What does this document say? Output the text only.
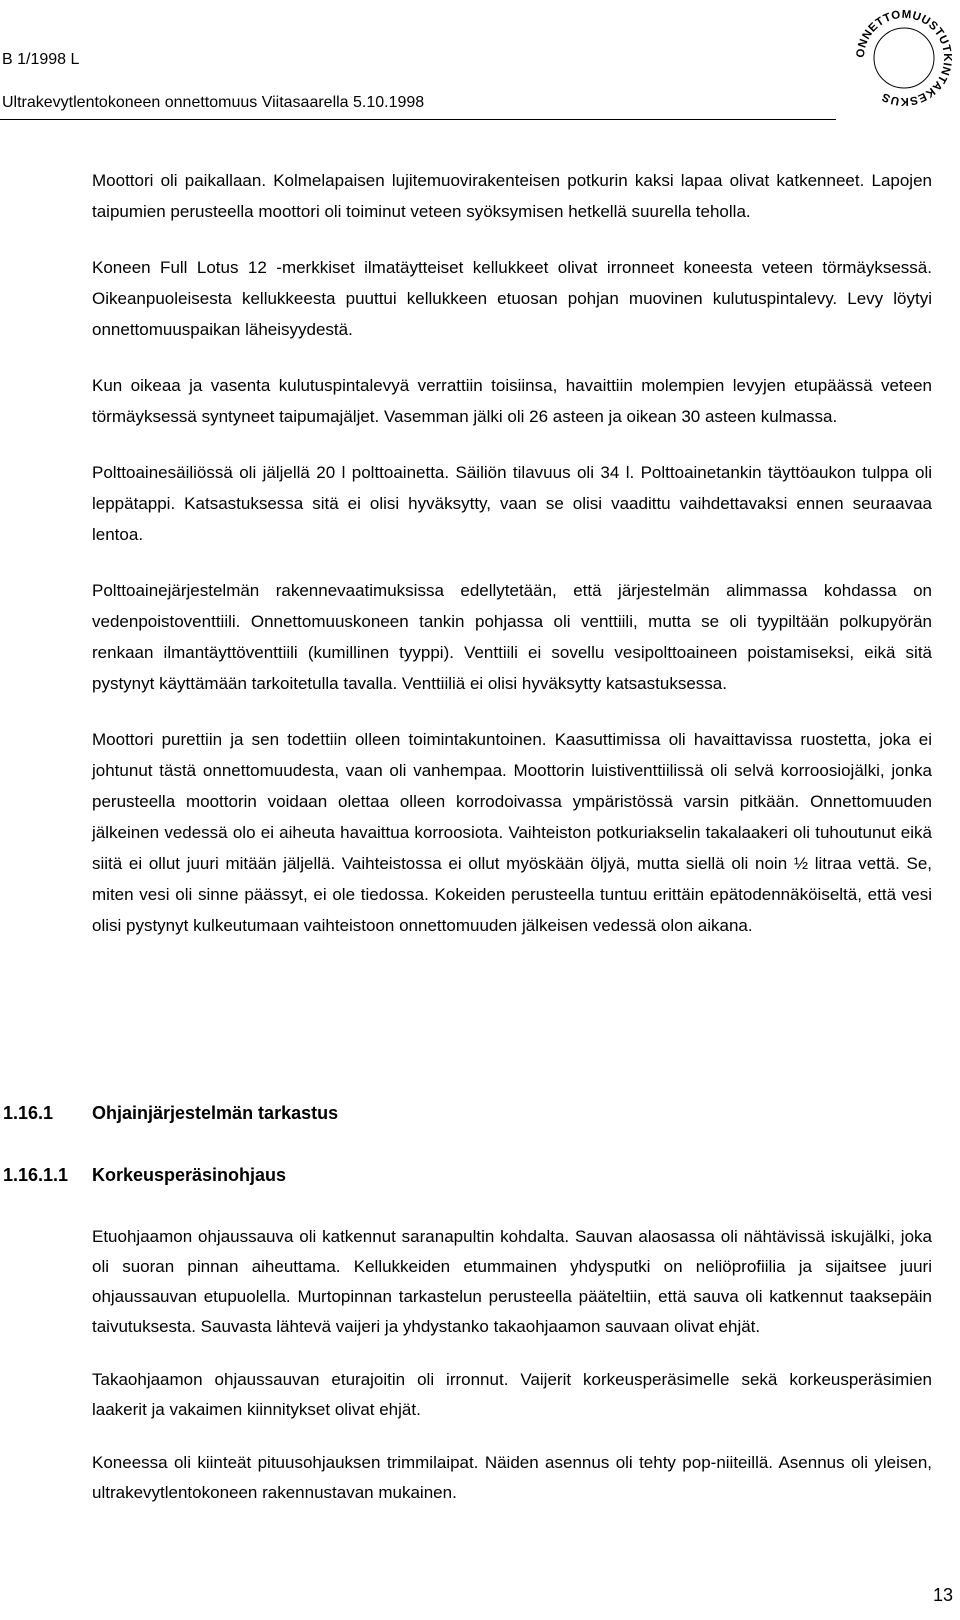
B 1/1998 L
Ultrakevytlentokoneen onnettomuus Viitasaarella 5.10.1998
ONNETTOMUUSTUTKINTAKESKUS

Moottori oli paikallaan. Kolmelapaisen lujitemuovirakenteisen potkurin kaksi lapaa olivat katkenneet. Lapojen taipumien perusteella moottori oli toiminut veteen syöksymisen hetkellä suurella teholla.

Koneen Full Lotus 12 -merkkiset ilmatäytteiset kellukkeet olivat irronneet koneesta veteen törmäyksessä. Oikeanpuoleisesta kellukkeesta puuttui kellukkeen etuosan pohjan muovinen kulutuspintalevy. Levy löytyi onnettomuuspaikan läheisyydestä.

Kun oikeaa ja vasenta kulutuspintalevyä verrattiin toisiinsa, havaittiin molempien levyjen etupäässä veteen törmäyksessä syntyneet taipumajäljet. Vasemman jälki oli 26 asteen ja oikean 30 asteen kulmassa.

Polttoainesäiliössä oli jäljellä 20 l polttoainetta. Säiliön tilavuus oli 34 l. Polttoainetankin täyttöaukon tulppa oli leppätappi. Katsastuksessa sitä ei olisi hyväksytty, vaan se olisi vaadittu vaihdettavaksi ennen seuraavaa lentoa.

Polttoainejärjestelmän rakennevaatimuksissa edellytetään, että järjestelmän alimmassa kohdassa on vedenpoistoventtiili. Onnettomuuskoneen tankin pohjassa oli venttiili, mutta se oli tyypiltään polkupyörän renkaan ilmantäyttöventtiili (kumillinen tyyppi). Venttiili ei sovellu vesipolttoaineen poistamiseksi, eikä sitä pystynyt käyttämään tarkoitetulla tavalla. Venttiiliä ei olisi hyväksytty katsastuksessa.

Moottori purettiin ja sen todettiin olleen toimintakuntoinen. Kaasuttimissa oli havaittavissa ruostetta, joka ei johtunut tästä onnettomuudesta, vaan oli vanhempaa. Moottorin luistiventtiilissä oli selvä korroosiojälki, jonka perusteella moottorin voidaan olettaa olleen korrodoivassa ympäristössä varsin pitkään. Onnettomuuden jälkeinen vedessä olo ei aiheuta havaittua korroosiota. Vaihteiston potkuriakselin takalaakeri oli tuhoutunut eikä siitä ei ollut juuri mitään jäljellä. Vaihteistossa ei ollut myöskään öljyä, mutta siellä oli noin ½ litraa vettä. Se, miten vesi oli sinne päässyt, ei ole tiedossa. Kokeiden perusteella tuntuu erittäin epätodennäköiseltä, että vesi olisi pystynyt kulkeutumaan vaihteistoon onnettomuuden jälkeisen vedessä olon aikana.

1.16.1 Ohjainjärjestelmän tarkastus
1.16.1.1 Korkeusperäsinohjaus

Etuohjaamon ohjaussauva oli katkennut saranapultin kohdalta. Sauvan alaosassa oli nähtävissä iskujälki, joka oli suoran pinnan aiheuttama. Kellukkeiden etummainen yhdysputki on neliöprofiilia ja sijaitsee juuri ohjaussauvan etupuolella. Murtopinnan tarkastelun perusteella pääteltiin, että sauva oli katkennut taaksepäin taivutuksesta. Sauvasta lähtevä vaijeri ja yhdystanko takaohjaamon sauvaan olivat ehjät.

Takaohjaamon ohjaussauvan eturajoitin oli irronnut. Vaijerit korkeusperäsimelle sekä korkeusperäsimien laakerit ja vakaimen kiinnitykset olivat ehjät.

Koneessa oli kiinteät pituusohjauksen trimmilaipat. Näiden asennus oli tehty pop-niiteillä. Asennus oli yleisen, ultrakevytlentokoneen rakennustavan mukainen.

13
